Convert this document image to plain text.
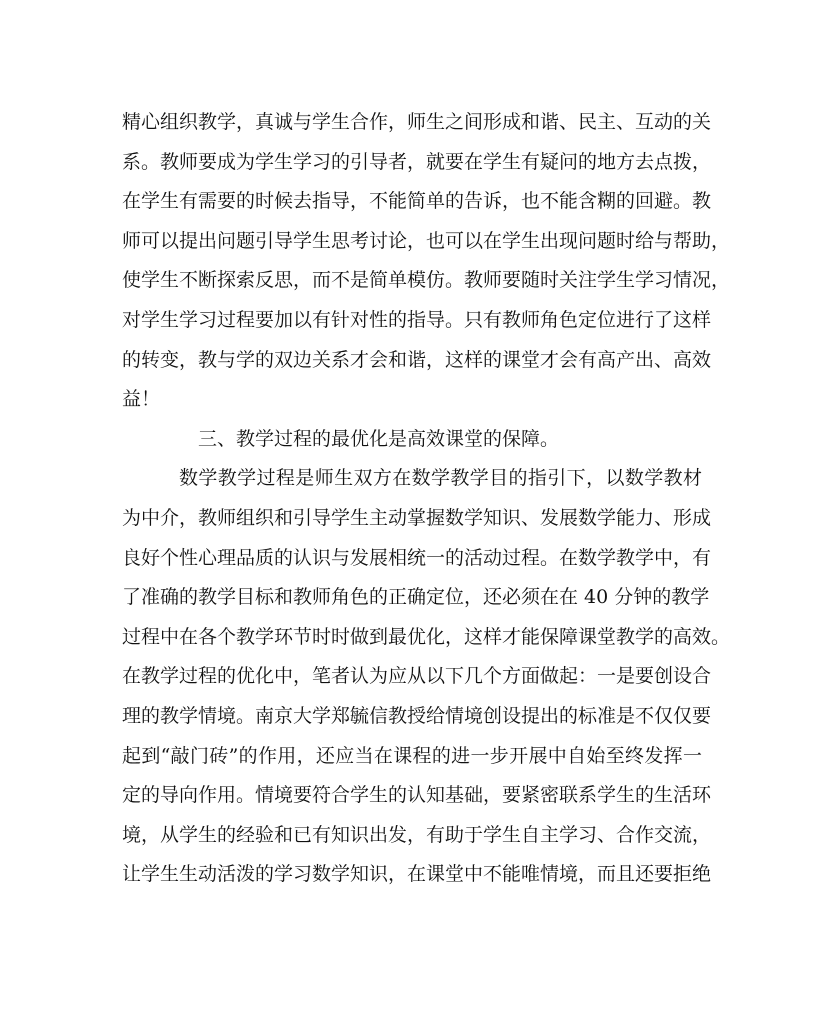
精心组织教学，真诚与学生合作，师生之间形成和谐、民主、互动的关
系。教师要成为学生学习的引导者，就要在学生有疑问的地方去点拨，
在学生有需要的时候去指导，不能简单的告诉，也不能含糊的回避。教
师可以提出问题引导学生思考讨论，也可以在学生出现问题时给与帮助，
使学生不断探索反思，而不是简单模仿。教师要随时关注学生学习情况，
对学生学习过程要加以有针对性的指导。只有教师角色定位进行了这样
的转变，教与学的双边关系才会和谐，这样的课堂才会有高产出、高效
益！
三、教学过程的最优化是高效课堂的保障。
数学教学过程是师生双方在数学教学目的指引下，以数学教材
为中介，教师组织和引导学生主动掌握数学知识、发展数学能力、形成
良好个性心理品质的认识与发展相统一的活动过程。在数学教学中，有
了准确的教学目标和教师角色的正确定位，还必须在在 40 分钟的教学
过程中在各个教学环节时时做到最优化，这样才能保障课堂教学的高效。
在教学过程的优化中，笔者认为应从以下几个方面做起：一是要创设合
理的教学情境。南京大学郑毓信教授给情境创设提出的标准是不仅仅要
起到“敲门砖”的作用，还应当在课程的进一步开展中自始至终发挥一
定的导向作用。情境要符合学生的认知基础，要紧密联系学生的生活环
境，从学生的经验和已有知识出发，有助于学生自主学习、合作交流，
让学生生动活泼的学习数学知识，在课堂中不能唯情境，而且还要拒绝
